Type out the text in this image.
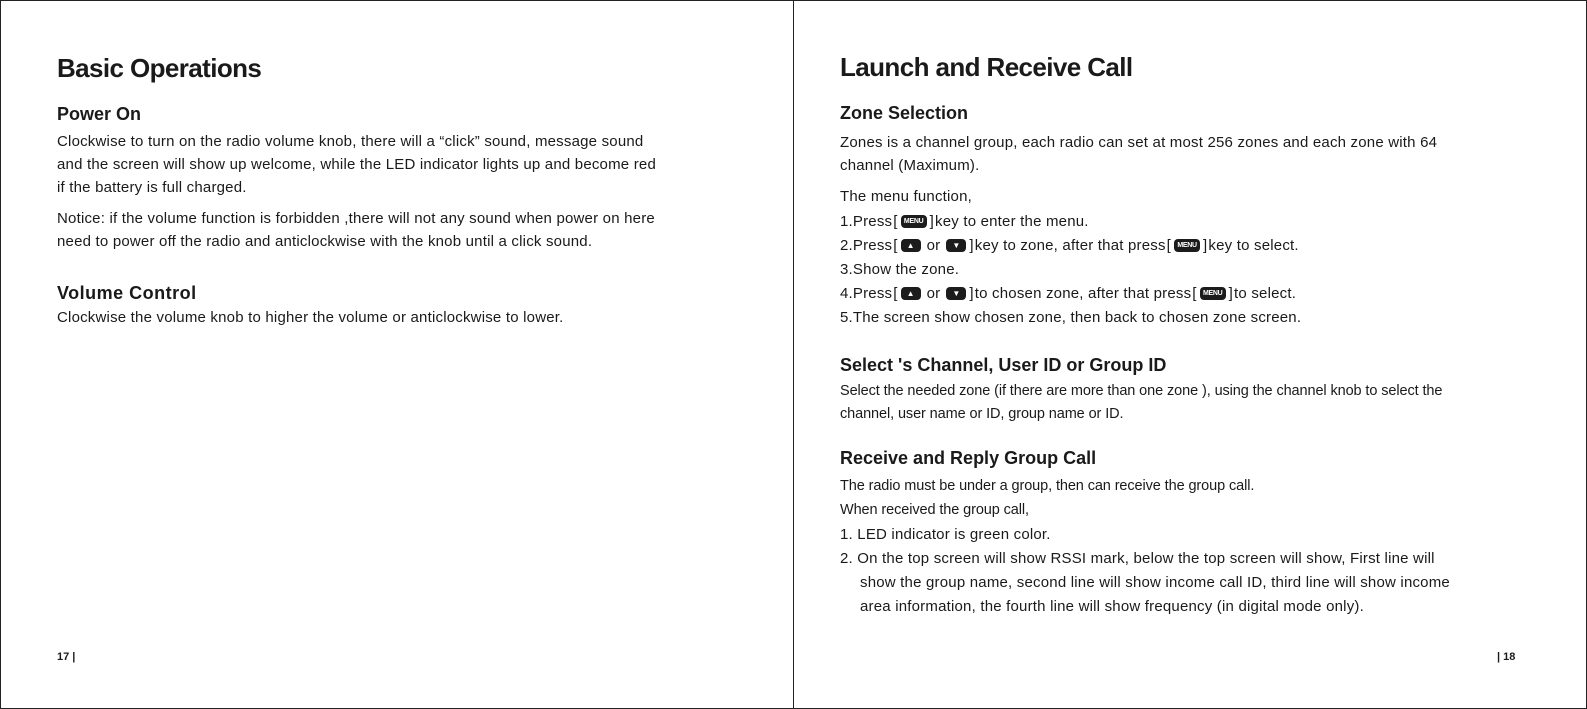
Basic Operations
Power On
Clockwise to turn on the radio volume knob, there will a “click” sound, message sound
and the screen will show up welcome, while the LED indicator lights up and become red
if the battery is full charged.
Notice: if the volume function is forbidden ,there will not any sound when power on here
need to power off the radio and anticlockwise with the knob until a click sound.
Volume Control
Clockwise the volume knob to higher the volume or anticlockwise to lower.
17 |
Launch and Receive Call
Zone Selection
Zones is a channel group, each radio can set at most 256 zones and each zone with 64
channel (Maximum).
The menu function,
1.Press [ MENU ] key to enter the menu.
2.Press [	▲ or	▼ ] key to zone, after that press [ MENU ] key to select.
3.Show the zone.
4.Press [	▲ or	▼ ] to chosen zone, after that press [ MENU ] to select.
5.The screen show chosen zone, then back to chosen zone screen.
Select 's Channel, User ID or Group ID
Select the needed zone (if there are more than one zone ), using the channel knob to select the
channel, user name or ID, group name or ID.
Receive and Reply Group Call
The radio must be under a group, then can receive the group call.
When received the group call,
1. LED indicator is green color.
2. On the top screen will show RSSI mark, below the top screen will show, First line will
show the group name, second line will show income call ID, third line will show income
area information, the fourth line will show frequency (in digital mode only).
| 18
